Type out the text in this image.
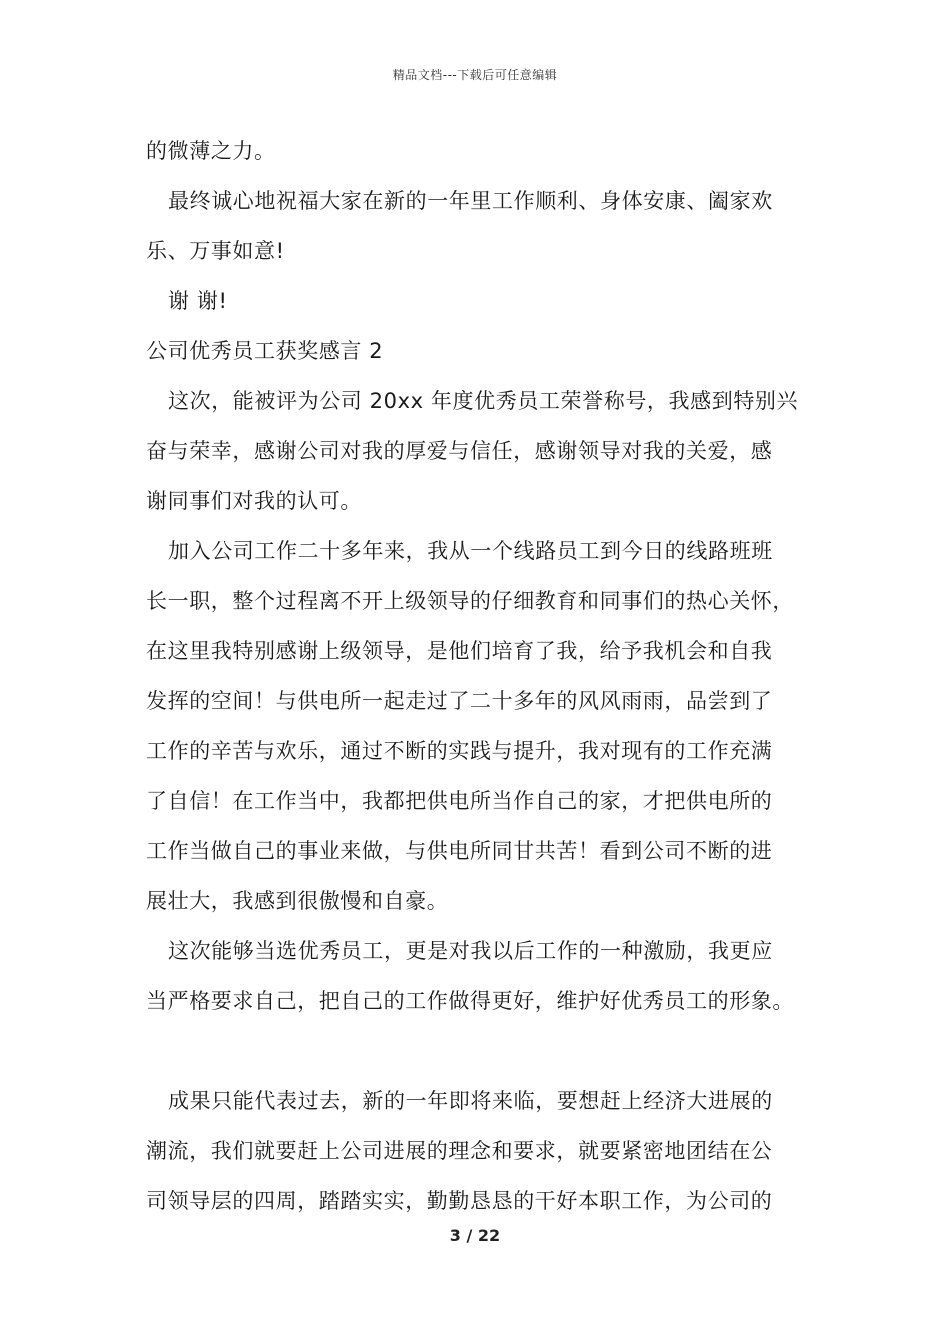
精品文档---下载后可任意编辑
的微薄之力。
最终诚心地祝福大家在新的一年里工作顺利、身体安康、阖家欢
乐、万事如意!
谢 谢!
公司优秀员工获奖感言 2
这次，能被评为公司 20xx 年度优秀员工荣誉称号，我感到特别兴
奋与荣幸，感谢公司对我的厚爱与信任，感谢领导对我的关爱，感
谢同事们对我的认可。
加入公司工作二十多年来，我从一个线路员工到今日的线路班班
长一职，整个过程离不开上级领导的仔细教育和同事们的热心关怀，
在这里我特别感谢上级领导，是他们培育了我，给予我机会和自我
发挥的空间！与供电所一起走过了二十多年的风风雨雨，品尝到了
工作的辛苦与欢乐，通过不断的实践与提升，我对现有的工作充满
了自信！在工作当中，我都把供电所当作自己的家，才把供电所的
工作当做自己的事业来做，与供电所同甘共苦！看到公司不断的进
展壮大，我感到很傲慢和自豪。
这次能够当选优秀员工，更是对我以后工作的一种激励，我更应
当严格要求自己，把自己的工作做得更好，维护好优秀员工的形象。
成果只能代表过去，新的一年即将来临，要想赶上经济大进展的
潮流，我们就要赶上公司进展的理念和要求，就要紧密地团结在公
司领导层的四周，踏踏实实，勤勤恳恳的干好本职工作，为公司的
3 / 22
